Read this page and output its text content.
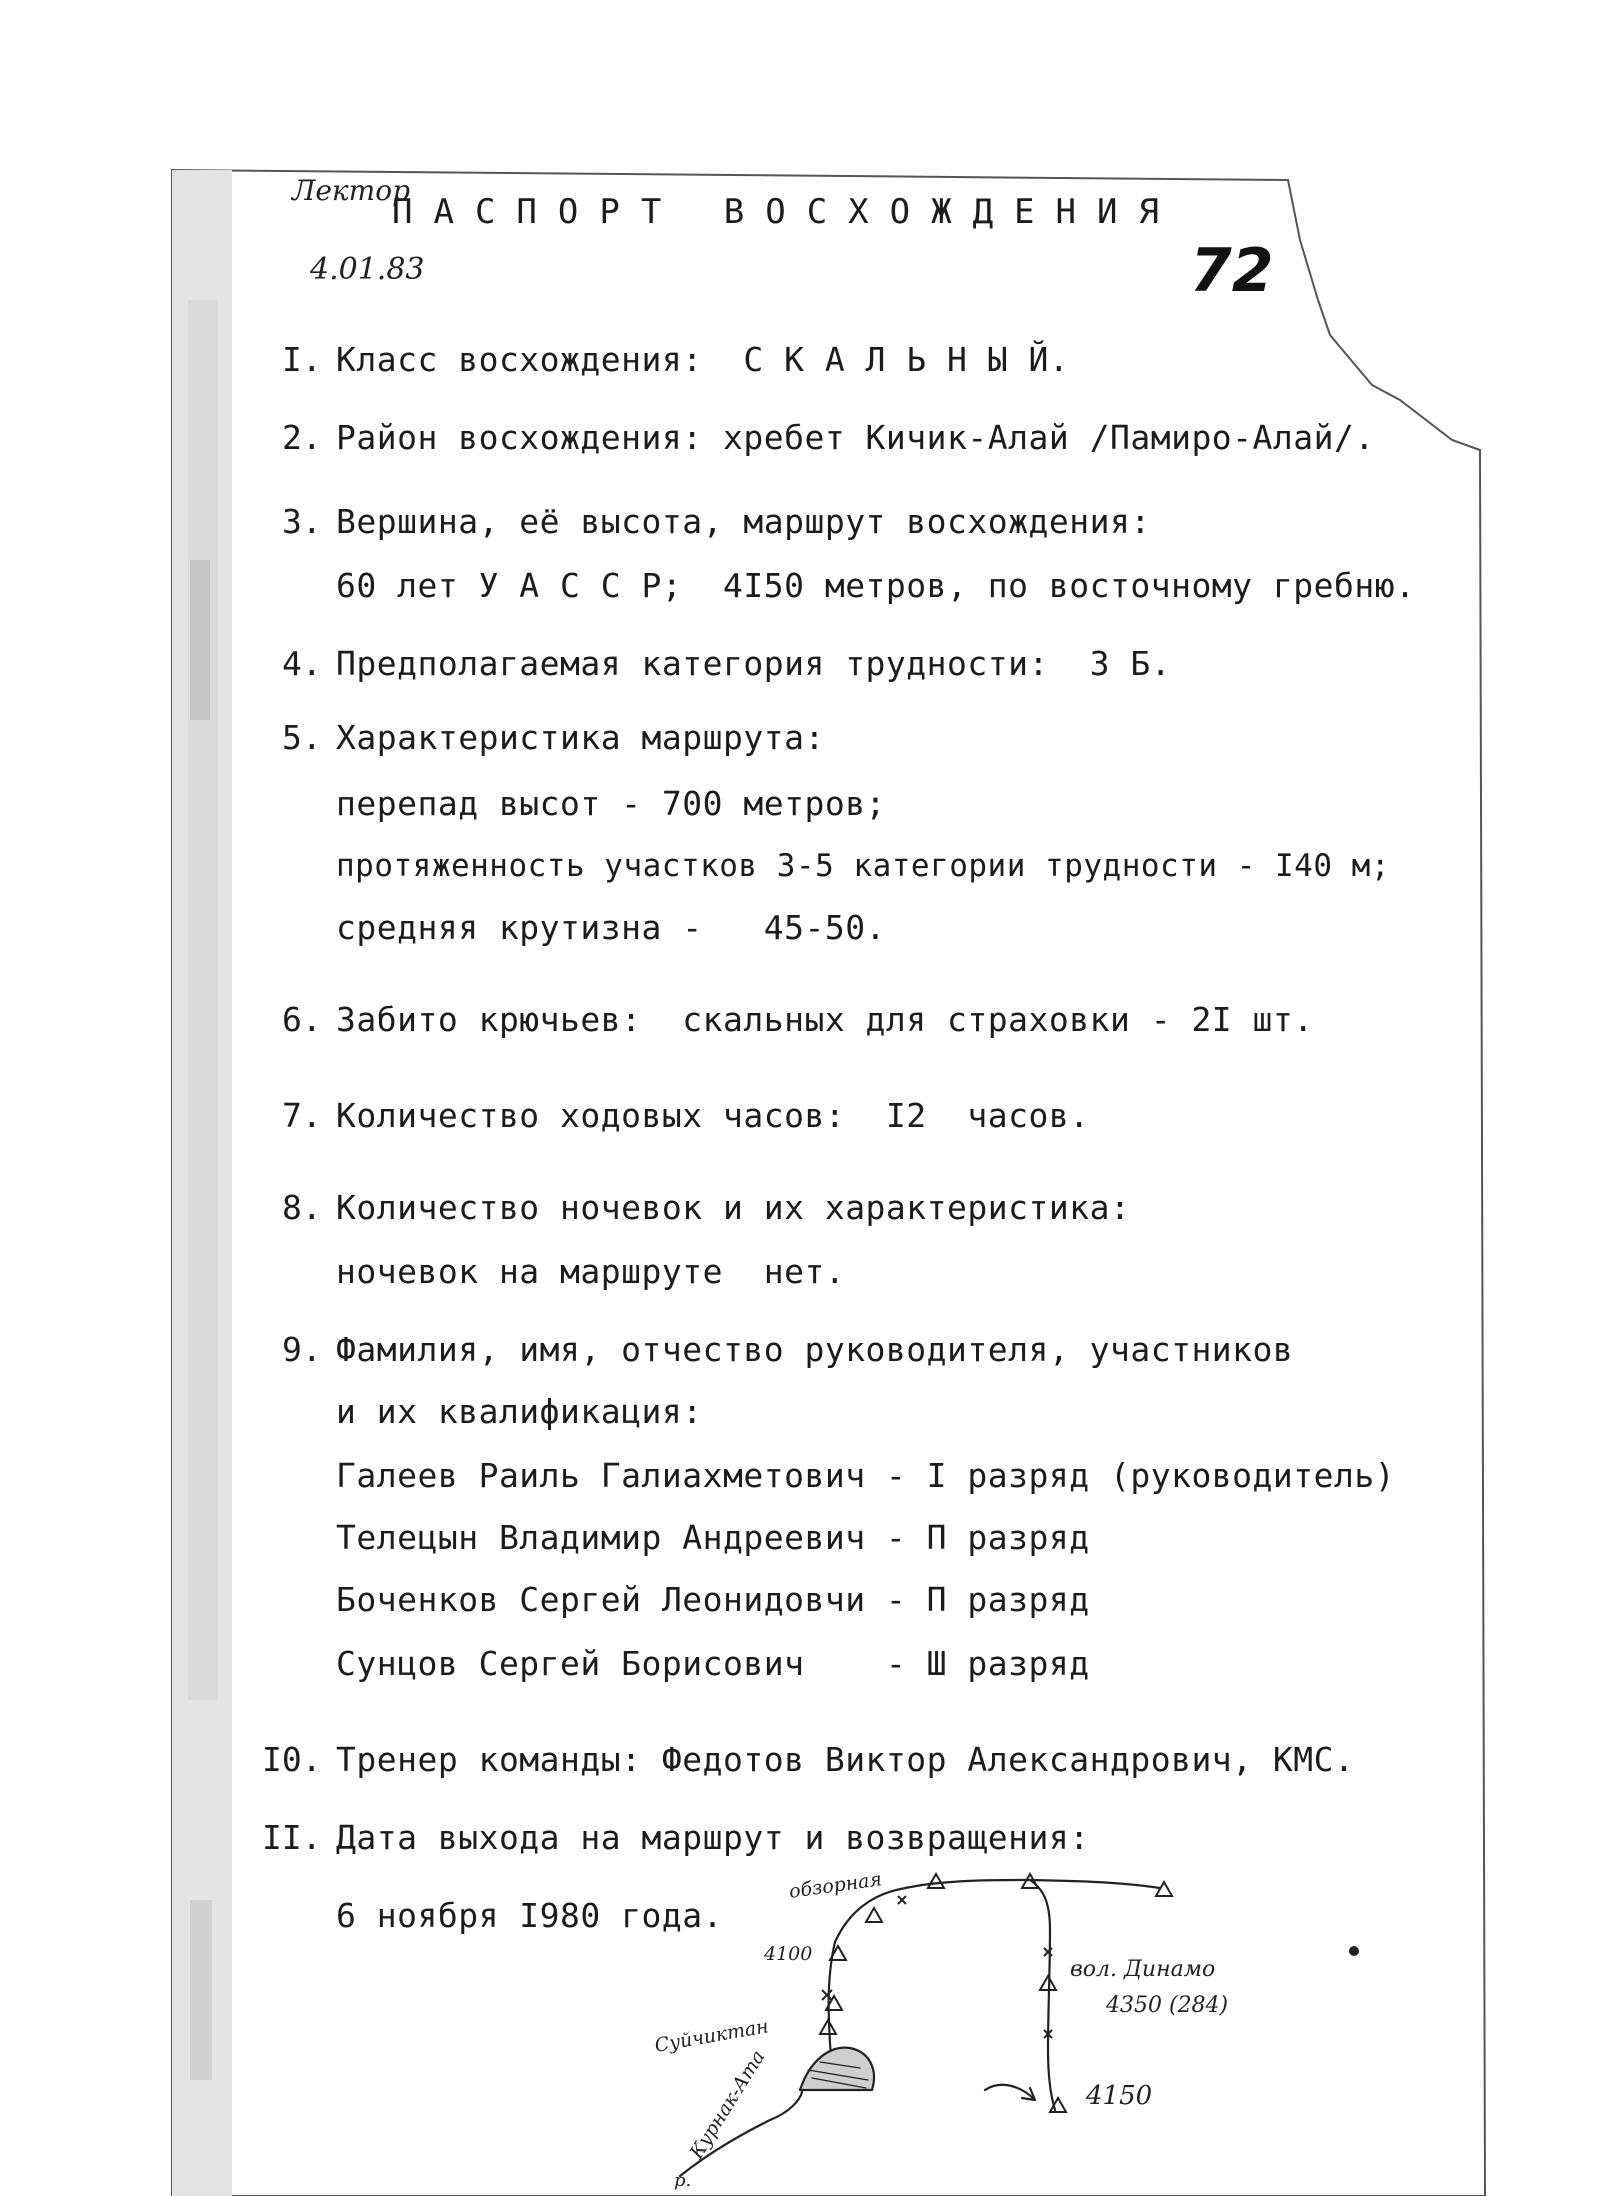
Лектор
ПАСПОРТ ВОСХОЖДЕНИЯ
4.01.83	72
I. Класс восхождения:  С К А Л Ь Н Ы Й.
2. Район восхождения: хребет Кичик-Алай /Памиро-Алай/.
3. Вершина, её высота, маршрут восхождения:
60 лет У А С С Р;  4I50 метров, по восточному гребню.
4. Предполагаемая категория трудности:  3 Б.
5. Характеристика маршрута:
перепад высот - 700 метров;
протяженность участков 3-5 категории трудности - I40 м;
средняя крутизна -   45-50.
6. Забито крючьев:  скальных для страховки - 2I шт.
7. Количество ходовых часов:  I2  часов.
8. Количество ночевок и их характеристика:
ночевок на маршруте  нет.
9. Фамилия, имя, отчество руководителя, участников
и их квалификация:
Галеев Раиль Галиахметович - I разряд (руководитель)
Телецын Владимир Андреевич - П разряд
Боченков Сергей Леонидовчи - П разряд
Сунцов Сергей Борисович    - Ш разряд
I0. Тренер команды: Федотов Виктор Александрович, КМС.
II. Дата выхода на маршрут и возвращения:
6 ноября I980 года.
обзорная
4100
Суйчиктан
Курнак-Ата
вол. Динамо
4350 (284)
4150
р.
